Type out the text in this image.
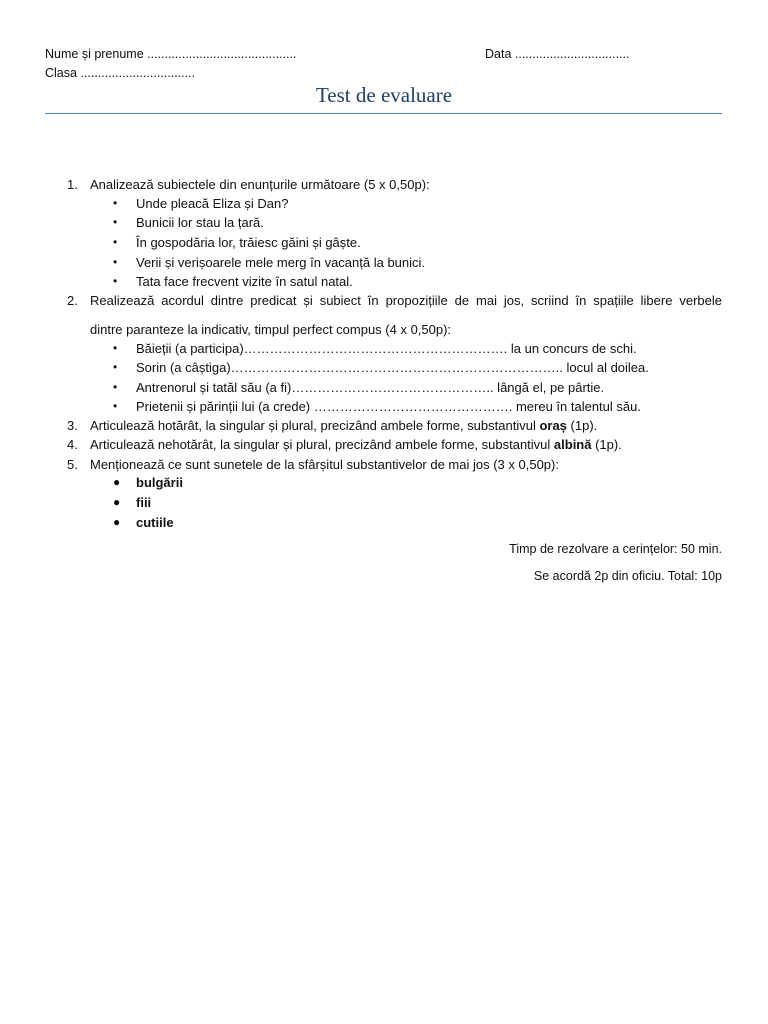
Nume și prenume ...........................................
Clasa .................................
Data .................................
Test de evaluare
1. Analizează subiectele din enunțurile următoare (5 x 0,50p):
• Unde pleacă Eliza și Dan?
• Bunicii lor stau la țară.
• În gospodăria lor, trăiesc găini și gâște.
• Verii și verișoarele mele merg în vacanță la bunici.
• Tata face frecvent vizite în satul natal.
2. Realizează acordul dintre predicat și subiect în propozițiile de mai jos, scriind în spațiile libere verbele
dintre paranteze la indicativ, timpul perfect compus (4 x 0,50p):
• Băieții (a participa)……………………………………………………. la un concurs de schi.
• Sorin (a câștiga)………………………………………………………………….. locul al doilea.
• Antrenorul și tatăl său (a fi)……………………………………….. lângă el, pe pârtie.
• Prietenii și părinții lui (a crede) ………………………………………. mereu în talentul său.
3. Articulează hotărât, la singular și plural, precizând ambele forme, substantivul oraș (1p).
4. Articulează nehotărât, la singular și plural, precizând ambele forme, substantivul albină (1p).
5. Menționează ce sunt sunetele de la sfârșitul substantivelor de mai jos (3 x 0,50p):
● bulgării
● fiii
● cutiile
Timp de rezolvare a cerințelor: 50 min.
Se acordă 2p din oficiu. Total: 10p
